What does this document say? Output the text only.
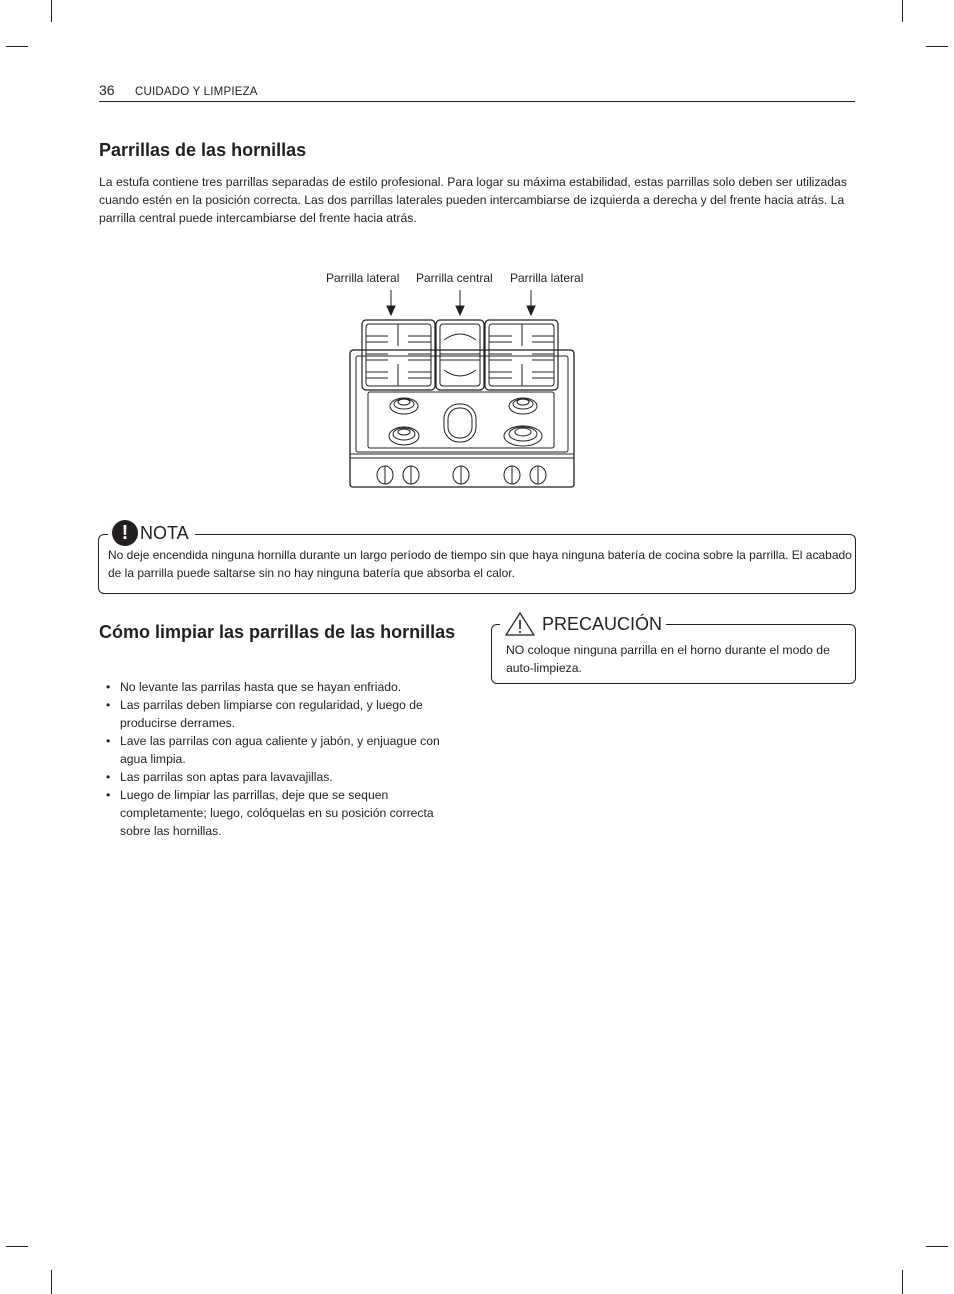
36 CUIDADO Y LIMPIEZA
Parrillas de las hornillas

La estufa contiene tres parrillas separadas de estilo profesional. Para logar su máxima estabilidad, estas parrillas solo deben ser utilizadas cuando estén en la posición correcta. Las dos parrillas laterales pueden intercambiarse de izquierda a derecha y del frente hacia atrás. La parrilla central puede intercambiarse del frente hacia atrás.

Parrilla lateral Parrilla central Parrilla lateral
! NOTA

No deje encendida ninguna hornilla durante un largo período de tiempo sin que haya ninguna batería de cocina sobre la parrilla. El acabado de la parrilla puede saltarse sin no hay ninguna batería que absorba el calor.

Cómo limpiar las parrillas de las hornillas
• No levante las parrilas hasta que se hayan enfriado.
• Las parrilas deben limpiarse con regularidad, y luego de producirse derrames.
• Lave las parrilas con agua caliente y jabón, y enjuague con agua limpia.
• Las parrilas son aptas para lavavajillas.
• Luego de limpiar las parrillas, deje que se sequen completamente; luego, colóquelas en su posición correcta sobre las hornillas.
PRECAUCIÓN

NO coloque ninguna parrilla en el horno durante el modo de auto-limpieza.
